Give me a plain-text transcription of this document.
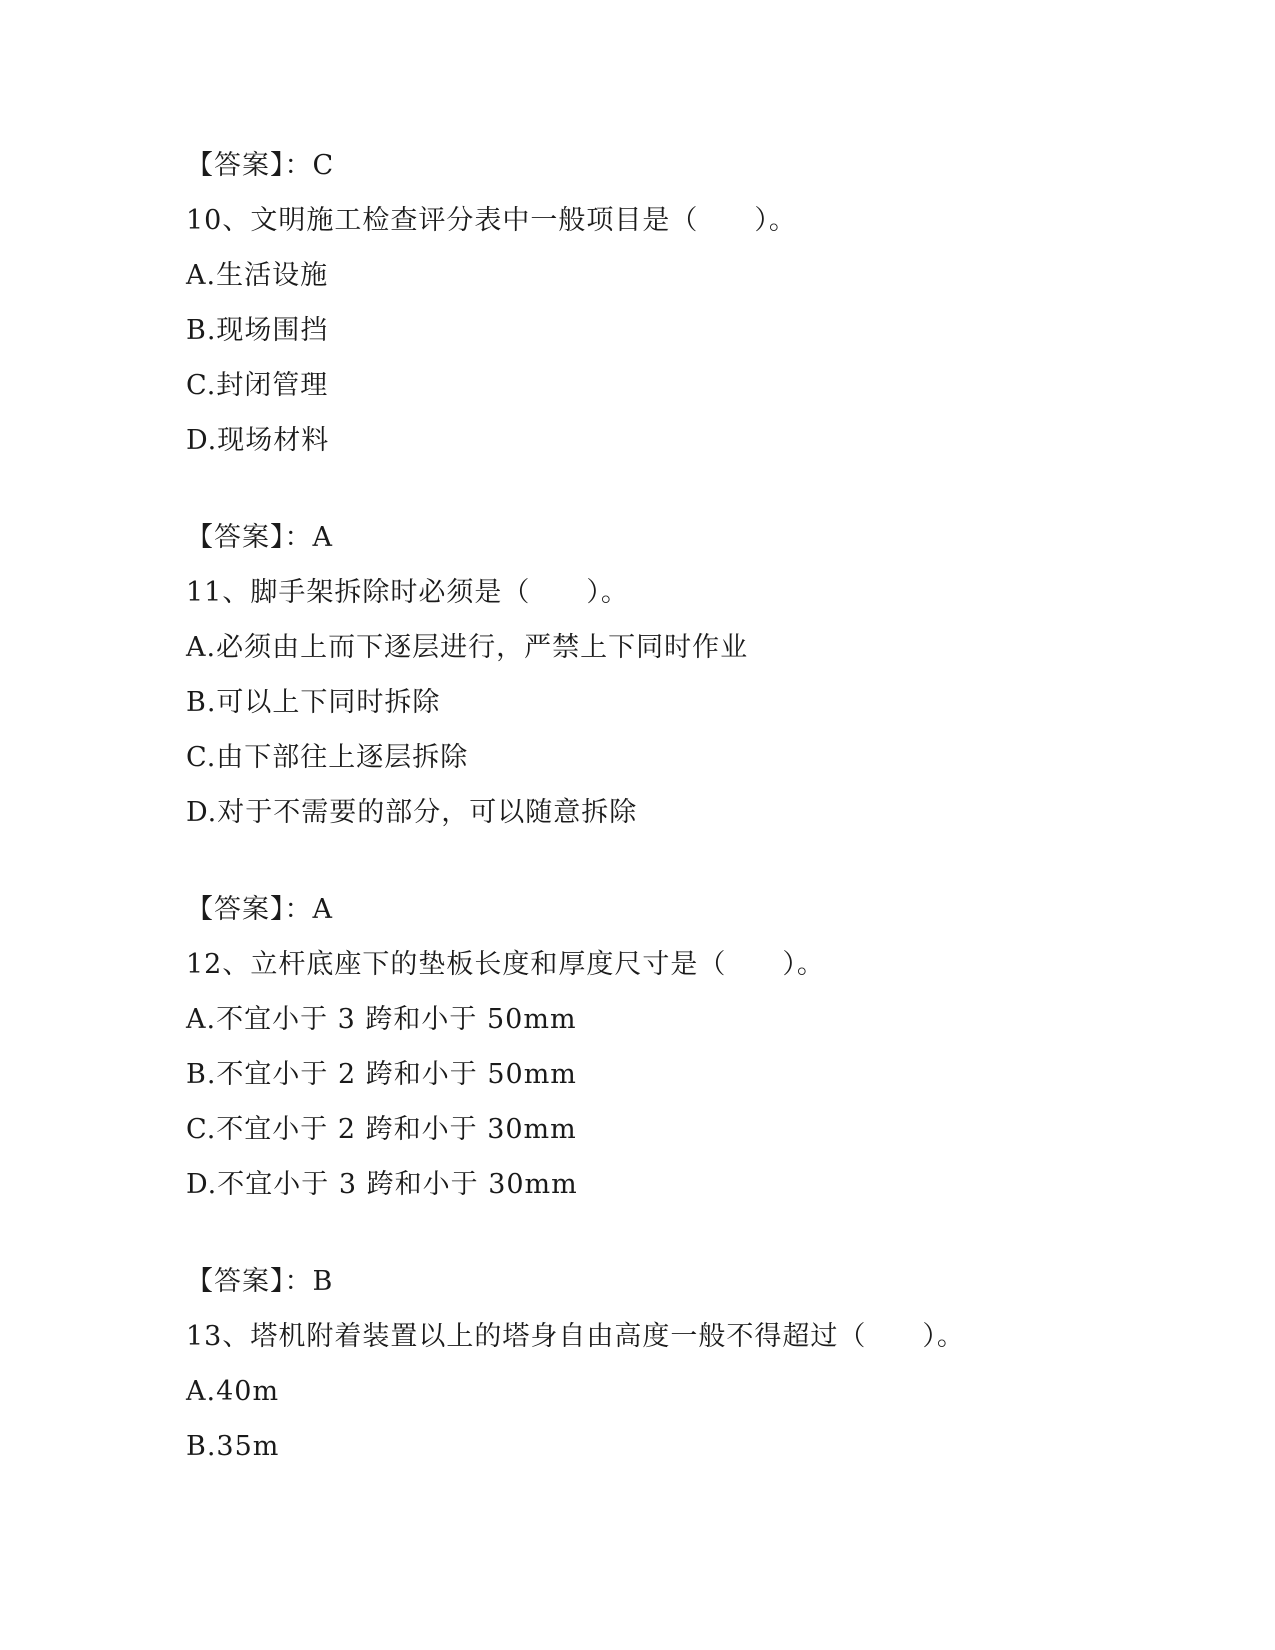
【答案】：C
10、文明施工检查评分表中一般项目是（　　）。
A.生活设施
B.现场围挡
C.封闭管理
D.现场材料
【答案】：A
11、脚手架拆除时必须是（　　）。
A.必须由上而下逐层进行，严禁上下同时作业
B.可以上下同时拆除
C.由下部往上逐层拆除
D.对于不需要的部分，可以随意拆除
【答案】：A
12、立杆底座下的垫板长度和厚度尺寸是（　　）。
A.不宜小于 3 跨和小于 50mm
B.不宜小于 2 跨和小于 50mm
C.不宜小于 2 跨和小于 30mm
D.不宜小于 3 跨和小于 30mm
【答案】：B
13、塔机附着装置以上的塔身自由高度一般不得超过（　　）。
A.40m
B.35m
